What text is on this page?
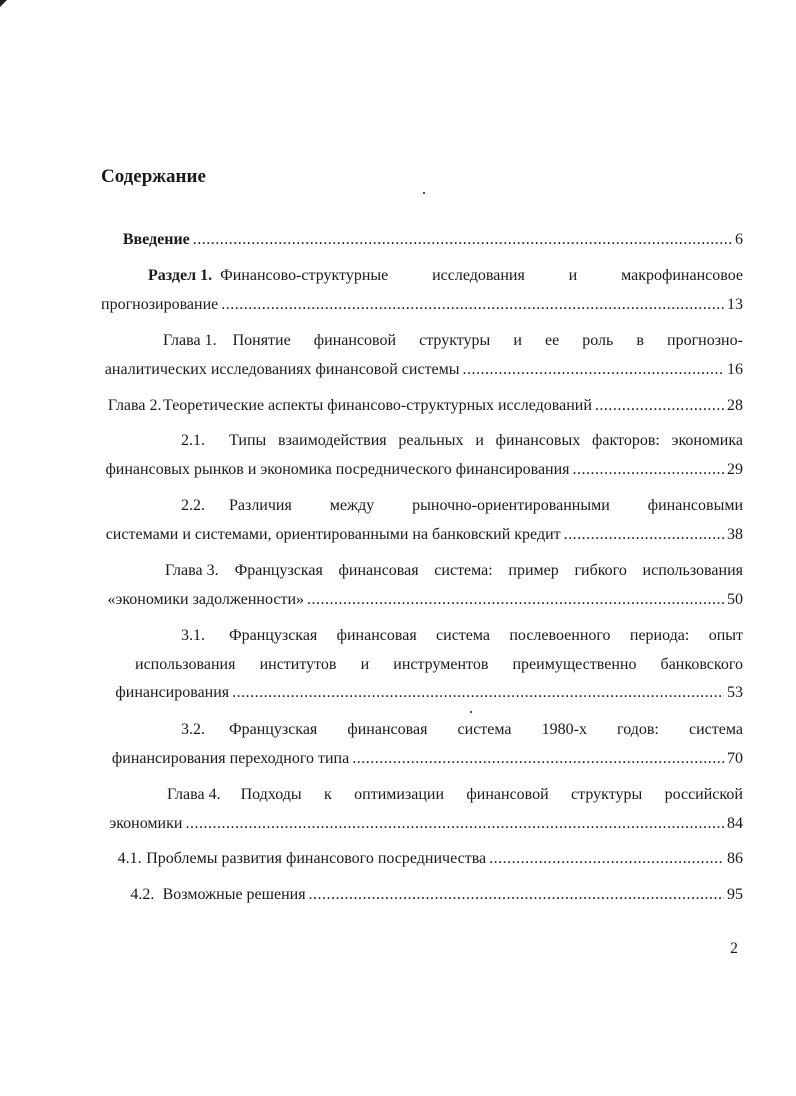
Содержание
Введение .....	6
Раздел 1. Финансово-структурные	исследования	и	макрофинансовое
прогнозирование .....	13
Глава 1. Понятие финансовой структуры и ее роль в прогнозно-
аналитических исследованиях финансовой системы .....	16
Глава 2. Теоретические аспекты финансово-структурных исследований .....	28
2.1. Типы взаимодействия реальных и финансовых факторов: экономика
финансовых рынков и экономика посреднического финансирования .....	29
2.2. Различия между рыночно-ориентированными финансовыми
системами и системами, ориентированными на банковский кредит .....	38
Глава 3. Французская финансовая система: пример гибкого использования
«экономики задолженности» .....	50
3.1. Французская финансовая система послевоенного периода: опыт
использования институтов и инструментов преимущественно банковского
финансирования .....	53
3.2. Французская финансовая система 1980-х годов: система
финансирования переходного типа .....	70
Глава 4. Подходы к оптимизации финансовой структуры российской
экономики .....	84
4.1. Проблемы развития финансового посредничества .....	86
4.2. Возможные решения .....	95
2
